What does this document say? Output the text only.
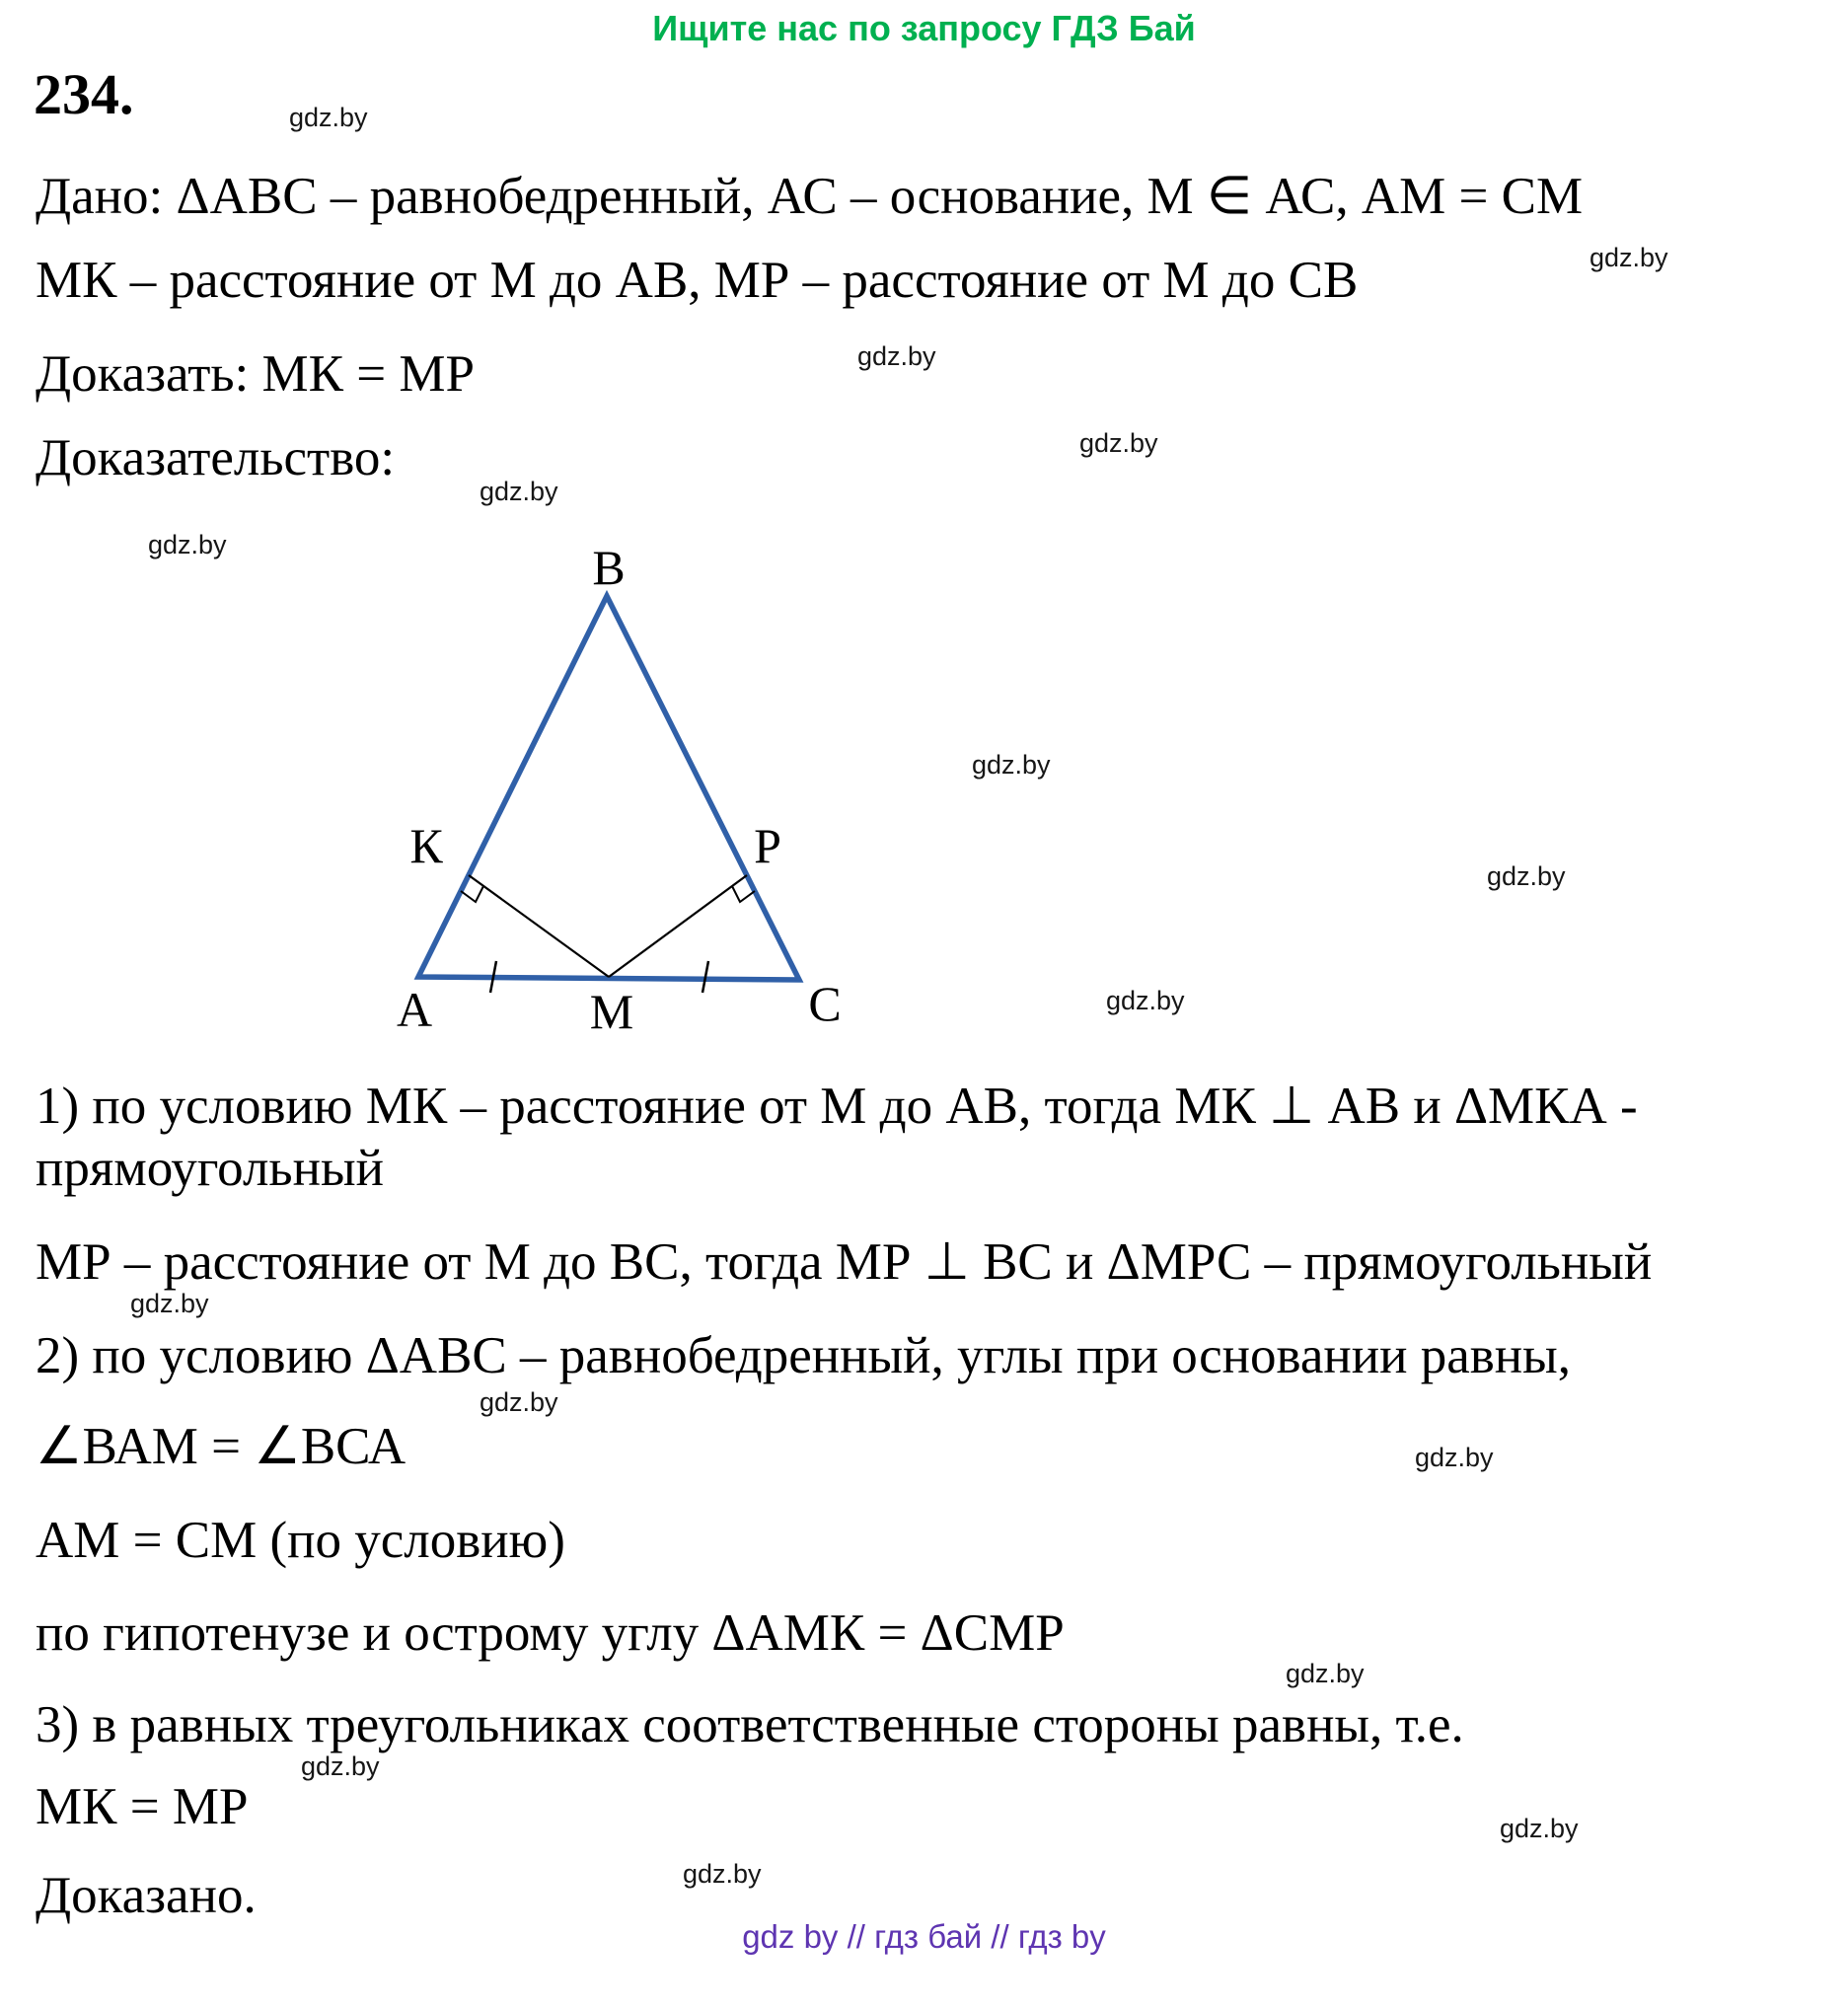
Ищите нас по запросу ГДЗ Бай
234.
Дано: ΔАВС – равнобедренный, АС – основание, М ∈ АС, АМ = СМ
МК – расстояние от М до АВ, МР – расстояние от М до СВ
Доказать: МК = МР
Доказательство:
В
А	М	С
К	Р
1) по условию МК – расстояние от М до АВ, тогда МК ⊥ АВ и ΔМКА -
прямоугольный
МР – расстояние от М до ВС, тогда МР ⊥ ВС и ΔМРС – прямоугольный
2) по условию ΔАВС – равнобедренный, углы при основании равны,
∠ВАМ = ∠ВСА
АМ = СМ (по условию)
по гипотенузе и острому углу ΔАМК = ΔСМР
3) в равных треугольниках соответственные стороны равны, т.е.
МК = МР
Доказано.
gdz.by
gdz.by
gdz.by
gdz.by
gdz.by
gdz.by
gdz.by
gdz.by
gdz.by
gdz.by
gdz.by
gdz.by
gdz.by
gdz.by
gdz.by
gdz.by
gdz by // гдз бай // гдз by
